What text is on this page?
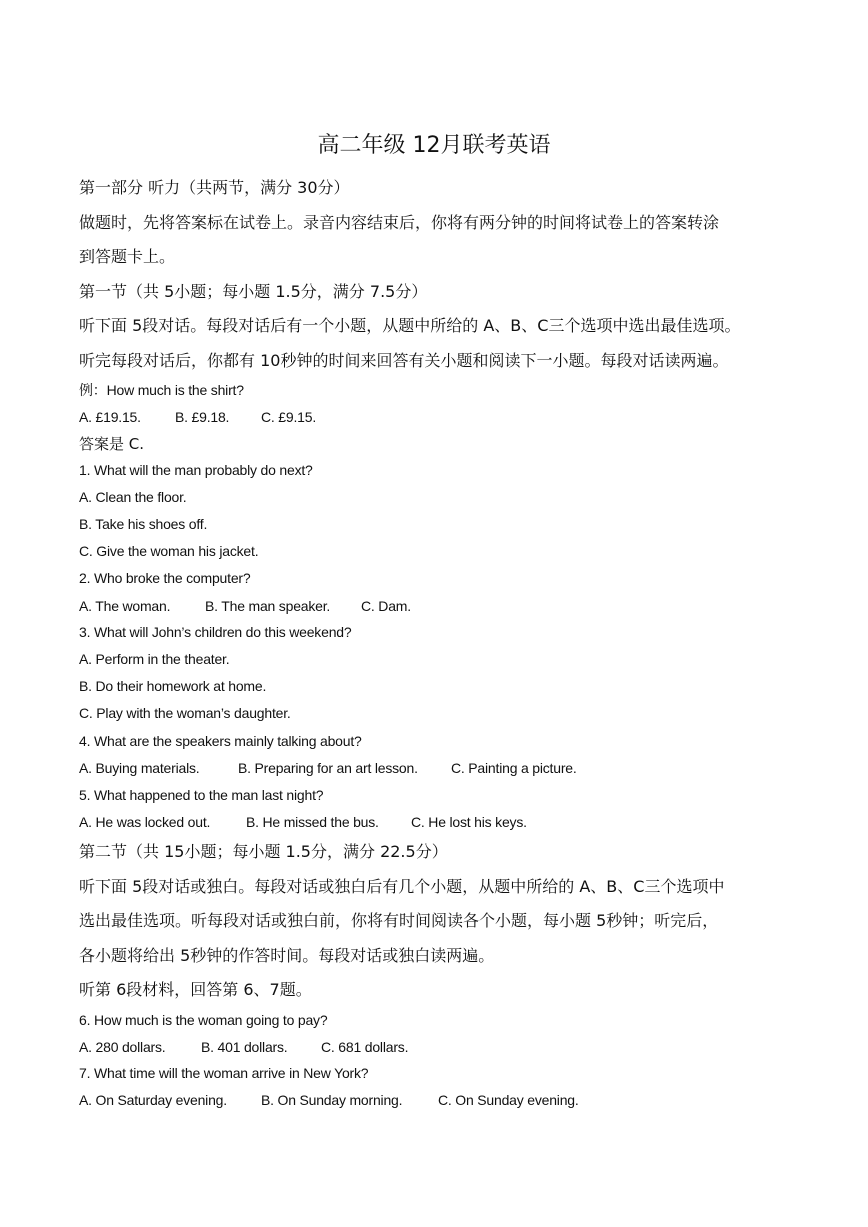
高二年级 12月联考英语
第一部分 听力（共两节，满分 30分）
做题时，先将答案标在试卷上。录音内容结束后，你将有两分钟的时间将试卷上的答案转涂
到答题卡上。
第一节（共 5小题；每小题 1.5分，满分 7.5分）
听下面 5段对话。每段对话后有一个小题，从题中所给的 A、B、C三个选项中选出最佳选项。
听完每段对话后，你都有 10秒钟的时间来回答有关小题和阅读下一小题。每段对话读两遍。
例：How much is the shirt?
A. £19.15. B. £9.18. C. £9.15.
答案是 C.
1. What will the man probably do next?
A. Clean the floor.
B. Take his shoes off.
C. Give the woman his jacket.
2. Who broke the computer?
A. The woman. B. The man speaker. C. Dam.
3. What will John’s children do this weekend?
A. Perform in the theater.
B. Do their homework at home.
C. Play with the woman’s daughter.
4. What are the speakers mainly talking about?
A. Buying materials.	B. Preparing for an art lesson. C. Painting a picture.
5. What happened to the man last night?
A. He was locked out.	B. He missed the bus. C. He lost his keys.
第二节（共 15小题；每小题 1.5分，满分 22.5分）
听下面 5段对话或独白。每段对话或独白后有几个小题，从题中所给的 A、B、C三个选项中
选出最佳选项。听每段对话或独白前，你将有时间阅读各个小题，每小题 5秒钟；听完后，
各小题将给出 5秒钟的作答时间。每段对话或独白读两遍。
听第 6段材料，回答第 6、7题。
6. How much is the woman going to pay?
A. 280 dollars.	B. 401 dollars. C. 681 dollars.
7. What time will the woman arrive in New York?
A. On Saturday evening. B. On Sunday morning.	C. On Sunday evening.
